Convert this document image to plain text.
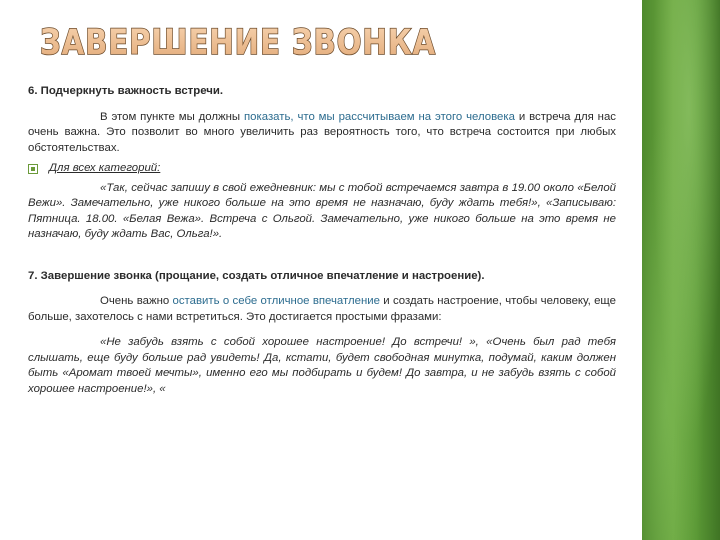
ЗАВЕРШЕНИЕ ЗВОНКА

6. Подчеркнуть важность встречи.

В этом пункте мы должны показать, что мы рассчитываем на этого человека и встреча для нас очень важна. Это позволит во много увеличить раз вероятность того, что встреча состоится при любых обстоятельствах.

Для всех категорий:

«Так, сейчас запишу в свой ежедневник: мы с тобой встречаемся завтра в 19.00 около «Белой Вежи». Замечательно, уже никого больше на это время не назначаю, буду ждать тебя!», «Записываю: Пятница. 18.00. «Белая Вежа». Встреча с Ольгой. Замечательно, уже никого больше на это время не назначаю, буду ждать Вас, Ольга!».

7. Завершение звонка (прощание, создать отличное впечатление и настроение).

Очень важно оставить о себе отличное впечатление и создать настроение, чтобы человеку, еще больше, захотелось с нами встретиться. Это достигается простыми фразами:

«Не забудь взять с собой хорошее настроение! До встречи! », «Очень был рад тебя слышать, еще буду больше рад увидеть! Да, кстати, будет свободная минутка, подумай, каким должен быть «Аромат твоей мечты», именно его мы подбирать и будем! До завтра, и не забудь взять с собой хорошее настроение!», «
